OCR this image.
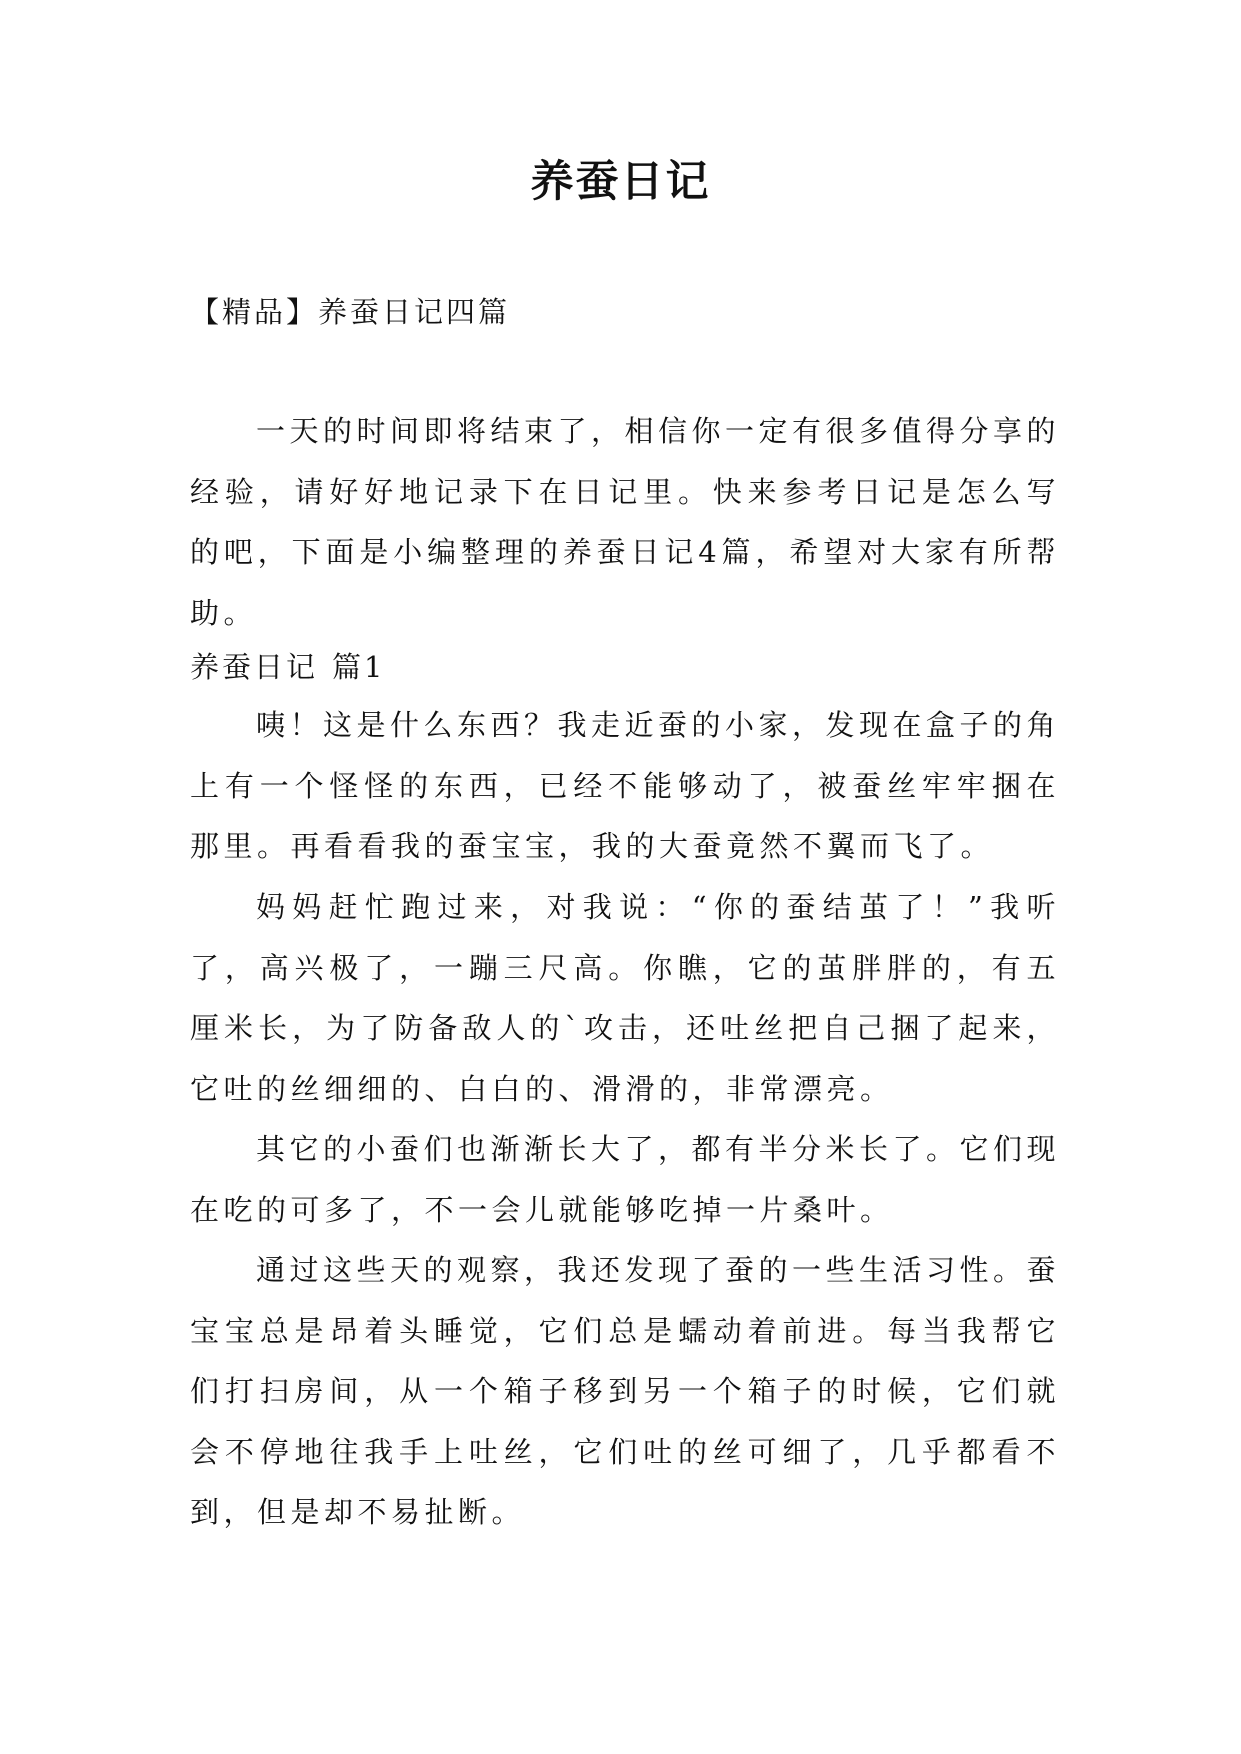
养蚕日记
【精品】养蚕日记四篇

一天的时间即将结束了，相信你一定有很多值得分享的经验，请好好地记录下在日记里。快来参考日记是怎么写的吧，下面是小编整理的养蚕日记4篇，希望对大家有所帮助。

养蚕日记 篇1

咦！这是什么东西？我走近蚕的小家，发现在盒子的角上有一个怪怪的东西，已经不能够动了，被蚕丝牢牢捆在那里。再看看我的蚕宝宝，我的大蚕竟然不翼而飞了。

妈妈赶忙跑过来，对我说：“你的蚕结茧了！”我听了，高兴极了，一蹦三尺高。你瞧，它的茧胖胖的，有五厘米长，为了防备敌人的`攻击，还吐丝把自己捆了起来，它吐的丝细细的、白白的、滑滑的，非常漂亮。

其它的小蚕们也渐渐长大了，都有半分米长了。它们现在吃的可多了，不一会儿就能够吃掉一片桑叶。

通过这些天的观察，我还发现了蚕的一些生活习性。蚕宝宝总是昂着头睡觉，它们总是蠕动着前进。每当我帮它们打扫房间，从一个箱子移到另一个箱子的时候，它们就会不停地往我手上吐丝，它们吐的丝可细了，几乎都看不到，但是却不易扯断。
